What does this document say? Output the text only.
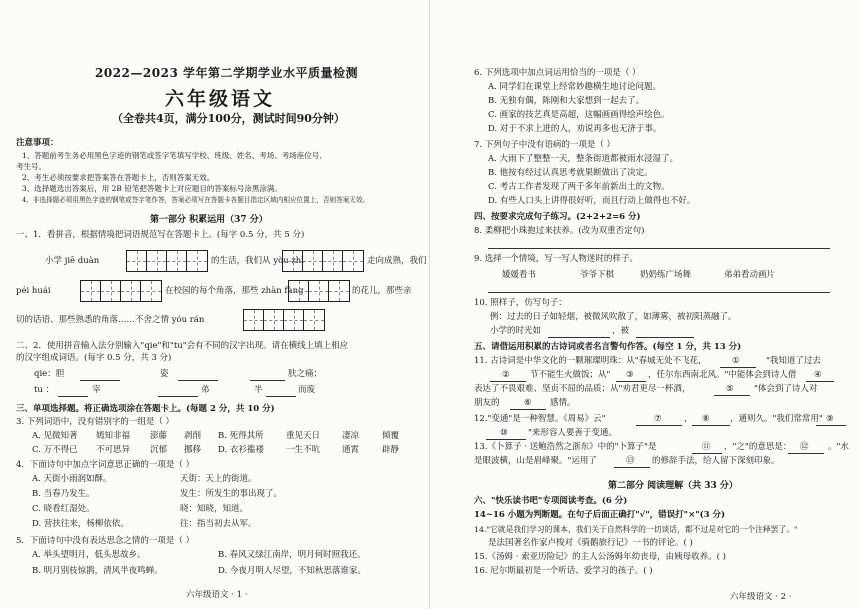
2022—2023 学年第二学期学业水平质量检测
六年级语文
（全卷共4页，满分100分，测试时间90分钟）
注意事项：
1、答题前考生务必用黑色字迹的钢笔或签字笔填写学校、班级、姓名、考场、考场座位号、
考生号。
2、考生必须按要求把答案答在答题卡上，否则答案无效。
3、选择题选出答案后，用 2B 铅笔把答题卡上对应题目的答案标号涂黑涂满。
4、非选择题必须用黑色字迹的钢笔或签字笔作答，答案必须写在答题卡各题目指定区域内相应位置上，否则答案无效。
第一部分 积累运用（37 分）
一、1．看拼音，根据情境把词语规范写在答题卡上。(每字 0.5 分，共 5 分)
小学 jiē duàn	的生活，我们从 yòu zhì	走向成熟，我们
péi huái	在校园的每个角落，那些 zhàn fàng	的花儿，那些亲
切的话语、那些熟悉的角落……不舍之情 yóu rán
二、2．使用拼音输入法分别输入"qie"和"tu"会有不同的汉字出现。请在横线上填上相应
的汉字组成词语。(每字 0.5 分，共 3 分)
qie：胆	姿	肤之痛；
tu ：	宰	弟	半	而废
三、单项选择题。将正确选项涂在答题卡上。(每题 2 分，共 10 分)
3. 下列词语中，没有错别字的一组是（ ）
A. 见微知著 嫣知非福 澎藤 剥削 B. 死得其所	重见天日	凄凉	倾覆
C. 万不得已 不可思异 沉郁 挪移 D. 衣衫褴褛	一生不吭	通霄	辟静
4．下面诗句中加点字词意思正确的一项是（ ）
A. 天街小雨润如酥。	天街：天上的街道。
B. 当春乃发生。	发生：所发生的事出现了。
C. 晓看红湿处。	晓：知晓，知道。
D. 营扶往来，杨柳依依。	往：指当初去从军。
5．下面诗句中没有表达思念之情的一项是（ ）
A. 举头望明月，低头思故乡。	B. 春风又绿江南岸，明月何时照我还。
B. 明月别枝惊鹊，清风半夜鸣蝉。	D. 今夜月明人尽望，不知秋思落谁家。
六年级语文 · 1 ·
6. 下列选项中加点词运用恰当的一项是（ ）
A. 同学们在课堂上经常妙趣横生地讨论问题。
B. 无独有偶，陈刚和大家想到一起去了。
C. 画家的技艺真是高超，这幅画画得绘声绘色。
D. 对于不求上进的人，劝说再多也无济于事。
7. 下列句子中没有语病的一项是（ ）
A. 大雨下了整整一天，整条街道都被雨水浸湿了。
B. 他按有经过认真思考就果断做出了决定。
C. 考古工作者发现了两千多年前新出土的文物。
D. 有些人口头上讲得很好听，而且行动上做得也不好。
四、按要求完成句子练习。(2+2+2=6 分)
8. 柔柳把小珠抱过来扶养。(改为双重否定句)
9. 选择一个情境，写一写人物迷时的样子。
媛媛看书	爷爷下棋	奶奶练广场舞	弟弟看动画片
10. 照样子，仿写句子：
例：过去的日子如轻烟，被微风吹散了，如薄雾，被初阳蒸融了。
小学的时光如	，被
五、请借运用积累的古诗词或者名言警句作答。(每空 1 分，共 13 分)
11. 古诗词是中华文化的一颗璀璨明珠：从"春城无处不飞花，	①	"我知道了过去
② 节不能生火做饭；从" ③ ，任尔东西南北风。"中能体会到诗人借 ④
表达了不畏艰难、坚贞不屈的品质；从"劝君更尽一杯酒，	⑤ "体会到了诗人对
朋友的	⑥ 感情。
12."变通"是一种智慧。《周易》云"	⑦	， ⑧ ，通则久。"我们常常用" ⑨
⑩ "来形容人要善于变通。
13.《卜算子 · 送鲍浩然之浙东》中的"卜算子"是	⑪ ，"之"的意思是： ⑫ 。"水
是眼波横，山是眉峰聚。"运用了	⑬ 的修辞手法，给人留下深刻印象。
第二部分 阅读理解（共 33 分）
六、"快乐读书吧"专项阅读考查。(6 分)
14~16 小题为判断题。在句子后面正确打"√"，错误打"×"(3 分)
14."它就是我们学习的课本，我们关于自然科学的一切谈话，都不过是对它的一个注释罢了。"
是法国著名作家卢梭对《骑鹅旅行记》一书的评论。( )
15.《汤姆 · 索亚历险记》的主人公汤姆年幼丧母，由姨母收养。( )
16. 尼尔斯最初是一个听话、爱学习的孩子。( )
六年级语文 · 2 ·
